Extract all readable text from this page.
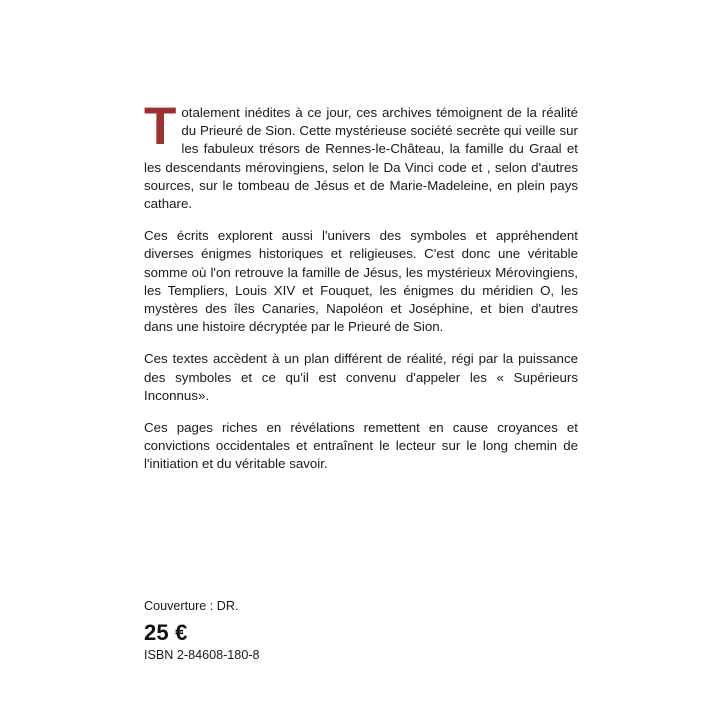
Totalement inédites à ce jour, ces archives témoignent de la réalité du Prieuré de Sion. Cette mystérieuse société secrète qui veille sur les fabuleux trésors de Rennes-le-Château, la famille du Graal et les descendants mérovingiens, selon le Da Vinci code et , selon d'autres sources, sur le tombeau de Jésus et de Marie-Madeleine, en plein pays cathare.

Ces écrits explorent aussi l'univers des symboles et appréhendent diverses énigmes historiques et religieuses. C'est donc une véritable somme où l'on retrouve la famille de Jésus, les mystérieux Mérovingiens, les Templiers, Louis XIV et Fouquet, les énigmes du méridien O, les mystères des îles Canaries, Napoléon et Joséphine, et bien d'autres dans une histoire décryptée par le Prieuré de Sion.

Ces textes accèdent à un plan différent de réalité, régi par la puissance des symboles et ce qu'il est convenu d'appeler les « Supérieurs Inconnus».

Ces pages riches en révélations remettent en cause croyances et convictions occidentales et entraînent le lecteur sur le long chemin de l'initiation et du véritable savoir.

Couverture : DR.

25 €

ISBN 2-84608-180-8
